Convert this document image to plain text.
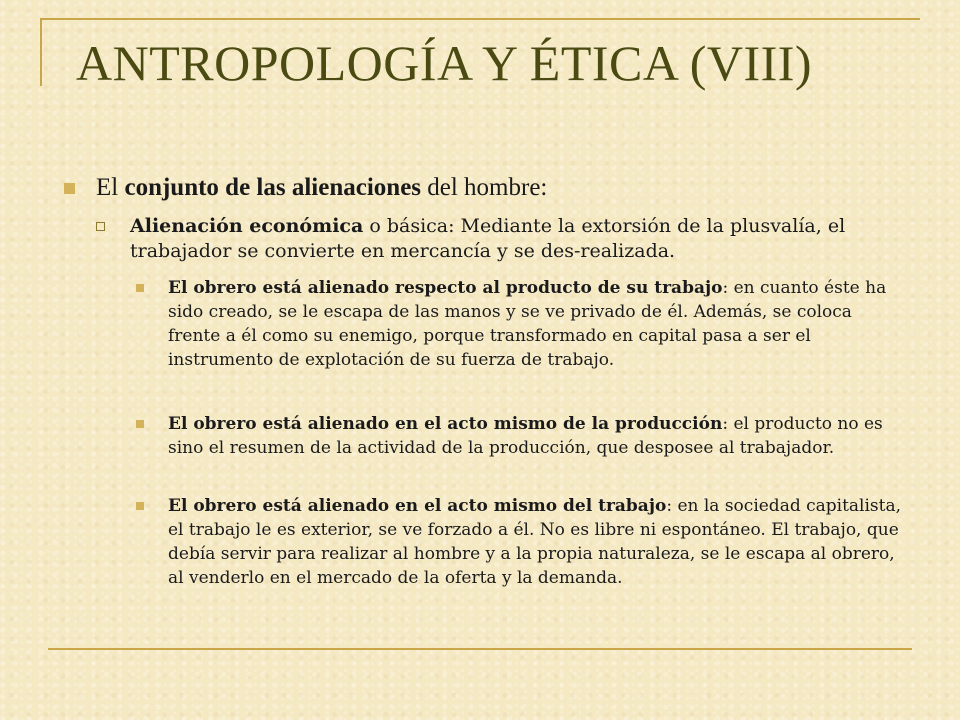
ANTROPOLOGÍA Y ÉTICA (VIII)
El conjunto de las alienaciones del hombre:
Alienación económica o básica: Mediante la extorsión de la plusvalía, el trabajador se convierte en mercancía y se des-realizada.
El obrero está alienado respecto al producto de su trabajo: en cuanto éste ha sido creado, se le escapa de las manos y se ve privado de él. Además, se coloca frente a él como su enemigo, porque transformado en capital pasa a ser el instrumento de explotación de su fuerza de trabajo.
El obrero está alienado en el acto mismo de la producción: el producto no es sino el resumen de la actividad de la producción, que desposee al trabajador.
El obrero está alienado en el acto mismo del trabajo: en la sociedad capitalista, el trabajo le es exterior, se ve forzado a él. No es libre ni espontáneo. El trabajo, que debía servir para realizar al hombre y a la propia naturaleza, se le escapa al obrero, al venderlo en el mercado de la oferta y la demanda.
